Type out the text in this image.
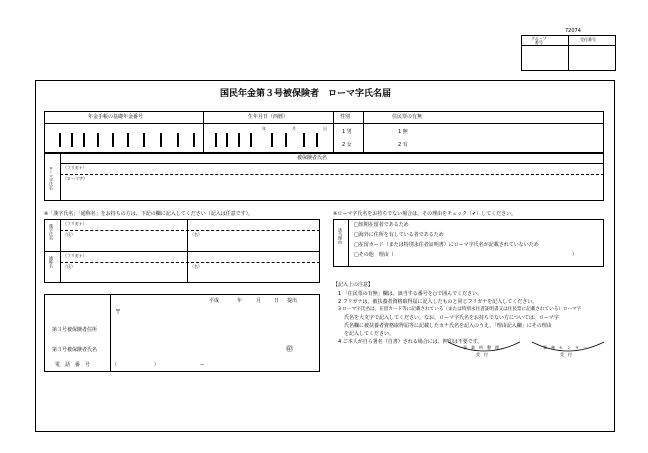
72074
グループ
番号
受付番号
国民年金第３号被保険者　ローマ字氏名届
年金手帳の基礎年金番号	生年月日（西暦）	性別	住民票の有無
年	月	日
1 男
2 女
1 無
2 有
被保険者氏名
ローマ字氏名 （フリガナ）
（ローマ字）
※「漢字氏名」「通称名」をお持ちの方は、下記の欄に記入してください（記入は任意です）。
漢字氏名
通称名
（フリガナ）
（氏）	（名）
（フリガナ）
（氏）	（名）
※ローマ字氏名をお持ちでない場合は、その理由をチェック（✔）してください。
該当理由
□短期在留者であるため
□海外に住所を有している者であるため
□在留カード（または特別永住者証明書）にローマ字氏名が記載されていないため
□その他　理由（	）
平成	年	月	日 提出
〒
第３号被保険者住所
第３号被保険者氏名	㊞
電　話　番　号	（	）	−
【記入上の注意】
1 「住民票の有無」欄は、該当する番号を○で囲んでください。
2 フリガナは、被扶養者資格取得届に記入したものと同じフリガナを記入してください。
3 ローマ字氏名は、在留カード等に記載されている（または特別永住者証明書又は住民票に記載されている）ローマ字
氏名を大文字で記入してください。なお、ローマ字氏名をお持ちでない方については、ローマ字
氏名欄に被扶養者資格取得届等に記載したカナ氏名を記入のうえ、「理由記入欄」にその理由
を記入してください。
4 ご本人が自ら署名（自書）される場合には、押印は不要です。
事　業　所　整　理
受　付
事　務　セ　ン　タ　ー
受　付
